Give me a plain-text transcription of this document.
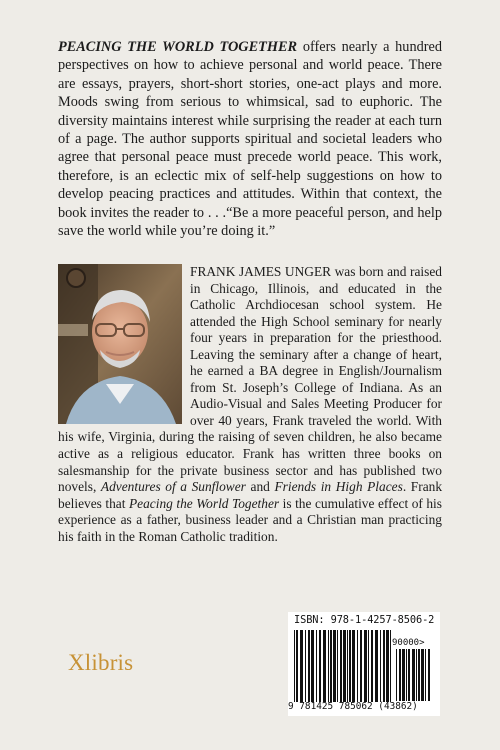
PEACING THE WORLD TOGETHER offers nearly a hundred perspectives on how to achieve personal and world peace. There are essays, prayers, short-short stories, one-act plays and more. Moods swing from serious to whimsical, sad to euphoric. The diversity maintains interest while surprising the reader at each turn of a page. The author supports spiritual and societal leaders who agree that personal peace must precede world peace. This work, therefore, is an eclectic mix of self-help suggestions on how to develop peacing practices and attitudes. Within that context, the book invites the reader to . . .“Be a more peaceful person, and help save the world while you’re doing it.”

FRANK JAMES UNGER was born and raised in Chicago, Illinois, and educated in the Catholic Archdiocesan school system. He attended the High School seminary for nearly four years in preparation for the priesthood. Leaving the seminary after a change of heart, he earned a BA degree in English/Journalism from St. Joseph’s College of Indiana. As an Audio-Visual and Sales Meeting Producer for over 40 years, Frank traveled the world. With his wife, Virginia, during the raising of seven children, he also became active as a religious educator. Frank has written three books on salesmanship for the private business sector and has published two novels, Adventures of a Sunflower and Friends in High Places. Frank believes that Peacing the World Together is the cumulative effect of his experience as a father, business leader and a Christian man practicing his faith in the Roman Catholic tradition.

Xlibris
ISBN: 978-1-4257-8506-2
90000>
9 781425 785062 (43862)
